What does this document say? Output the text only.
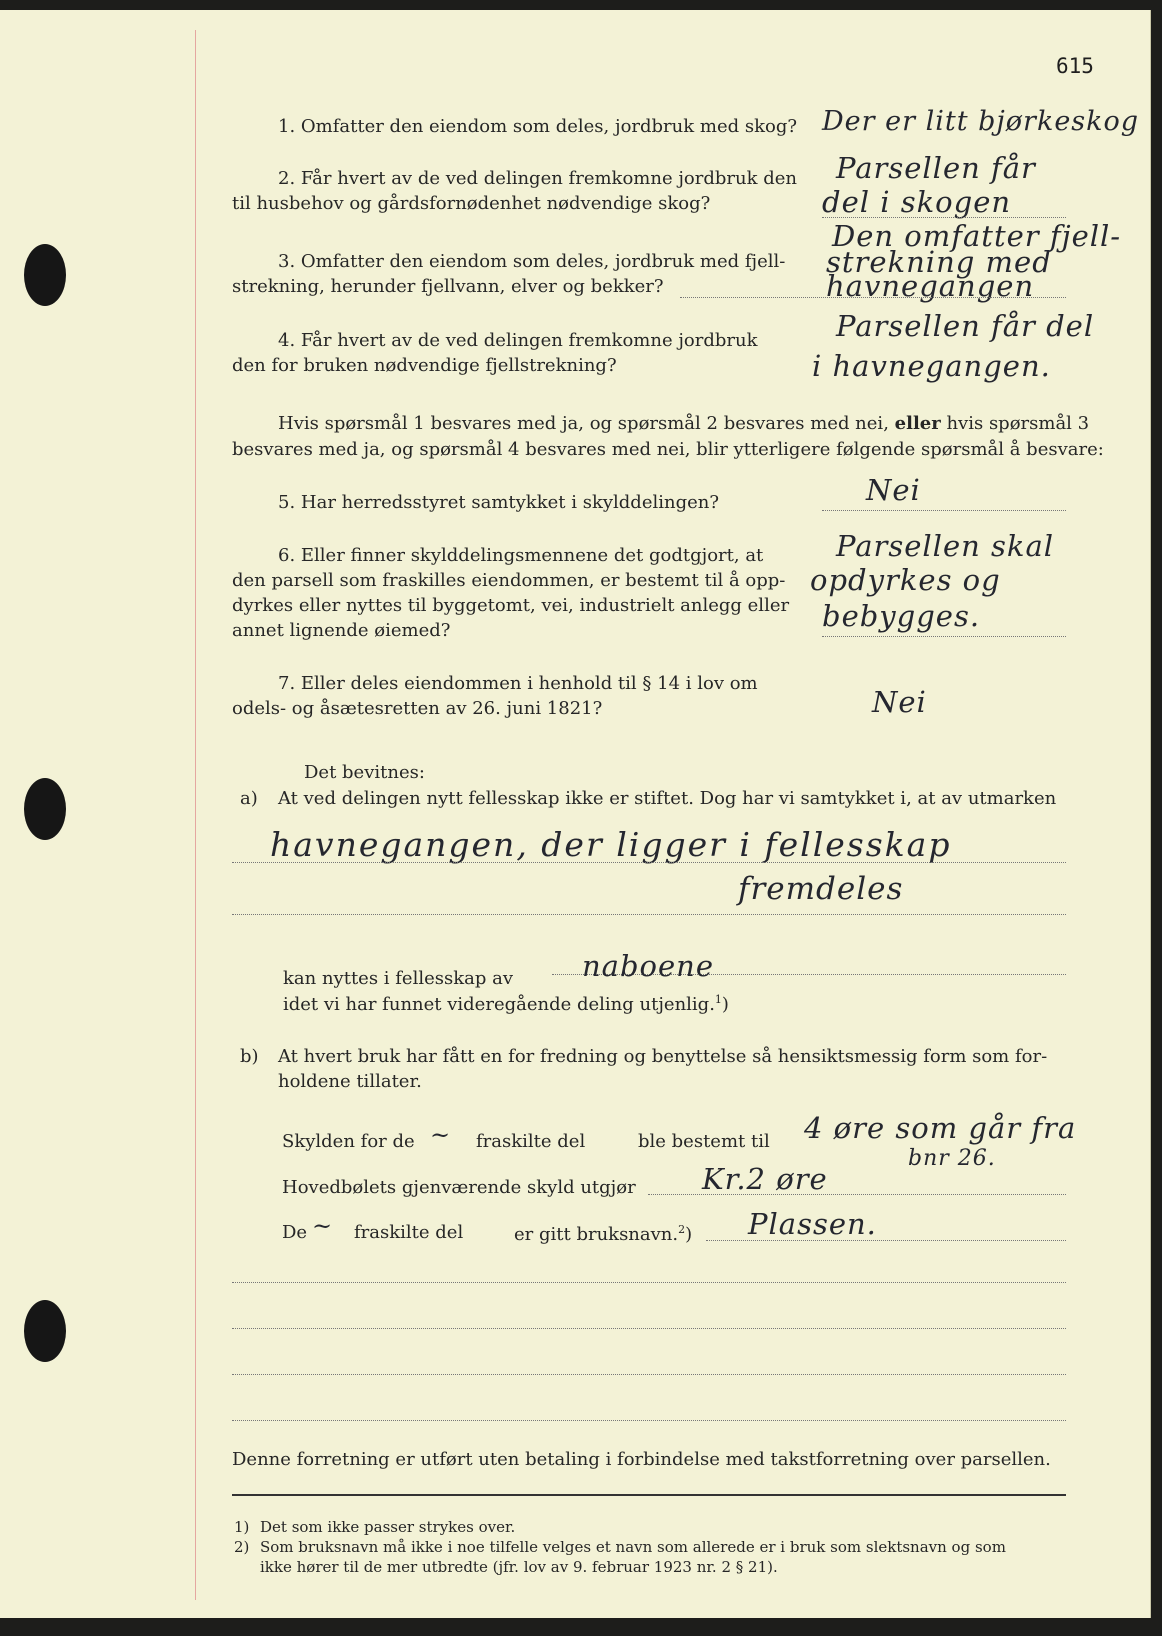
615
1. Omfatter den eiendom som deles, jordbruk med skog? Der er litt bjørkeskog
2. Får hvert av de ved delingen fremkomne jordbruk den
til husbehov og gårdsfornødenhet nødvendige skog?
Parsellen får
del i skogen
3. Omfatter den eiendom som deles, jordbruk med fjell-
strekning, herunder fjellvann, elver og bekker?
Den omfatter fjell-
strekning med
havnegangen
4. Får hvert av de ved delingen fremkomne jordbruk
den for bruken nødvendige fjellstrekning?
Parsellen får del
i havnegangen.
Hvis spørsmål 1 besvares med ja, og spørsmål 2 besvares med nei, eller hvis spørsmål 3
besvares med ja, og spørsmål 4 besvares med nei, blir ytterligere følgende spørsmål å besvare:
5. Har herredsstyret samtykket i skylddelingen?	Nei
6. Eller finner skylddelingsmennene det godtgjort, at
den parsell som fraskilles eiendommen, er bestemt til å opp-
dyrkes eller nyttes til byggetomt, vei, industrielt anlegg eller
annet lignende øiemed?
Parsellen skal
opdyrkes og
bebygges.
7. Eller deles eiendommen i henhold til § 14 i lov om
odels- og åsætesretten av 26. juni 1821?	Nei
Det bevitnes:
a) At ved delingen nytt fellesskap ikke er stiftet. Dog har vi samtykket i, at av utmarken
havnegangen, der ligger i fellesskap
fremdeles
kan nyttes i fellesskap av naboene
idet vi har funnet videregående deling utjenlig.$^1$)
b) At hvert bruk har fått en for fredning og benyttelse så hensiktsmessig form som for-
holdene tillater.
Skylden for de ~ fraskilte del	ble bestemt til 4 øre som går fra
bnr 26.
Hovedbølets gjenværende skyld utgjør Kr.2 øre
De ~ fraskilte del	er gitt bruksnavn.$^2$) Plassen.
Denne forretning er utført uten betaling i forbindelse med takstforretning over parsellen.
1) Det som ikke passer strykes over.
2) Som bruksnavn må ikke i noe tilfelle velges et navn som allerede er i bruk som slektsnavn og som
ikke hører til de mer utbredte (jfr. lov av 9. februar 1923 nr. 2 § 21).
